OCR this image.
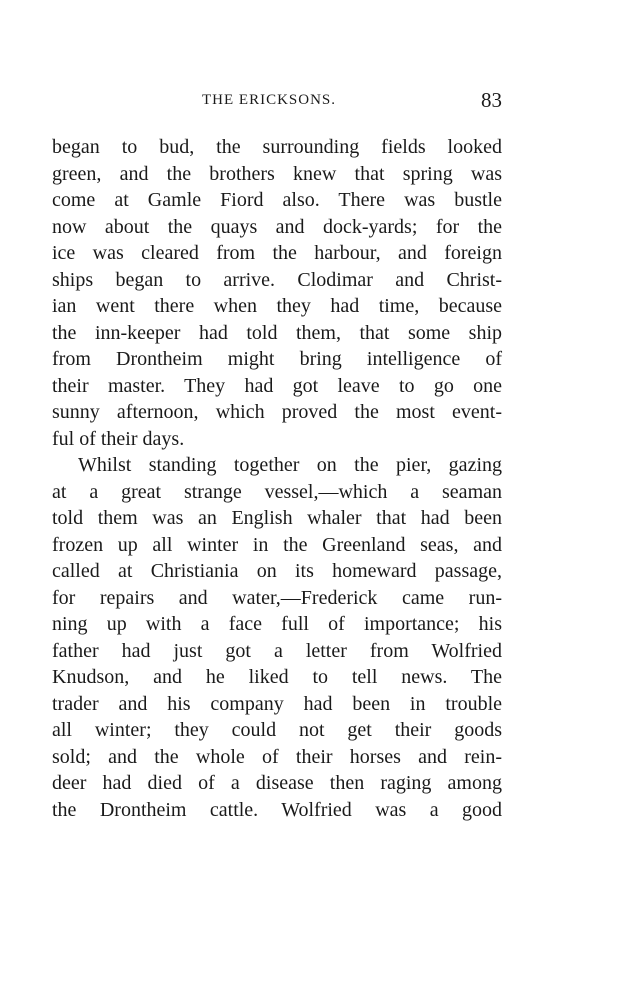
THE ERICKSONS.	83
began to bud, the surrounding fields looked
green, and the brothers knew that spring was
come at Gamle Fiord also. There was bustle
now about the quays and dock-yards; for the
ice was cleared from the harbour, and foreign
ships began to arrive. Clodimar and Christ-
ian went there when they had time, because
the inn-keeper had told them, that some ship
from Drontheim might bring intelligence of
their master. They had got leave to go one
sunny afternoon, which proved the most event-
ful of their days.
Whilst standing together on the pier, gazing
at a great strange vessel,—which a seaman
told them was an English whaler that had been
frozen up all winter in the Greenland seas, and
called at Christiania on its homeward passage,
for repairs and water,—Frederick came run-
ning up with a face full of importance; his
father had just got a letter from Wolfried
Knudson, and he liked to tell news. The
trader and his company had been in trouble
all winter; they could not get their goods
sold; and the whole of their horses and rein-
deer had died of a disease then raging among
the Drontheim cattle. Wolfried was a good
